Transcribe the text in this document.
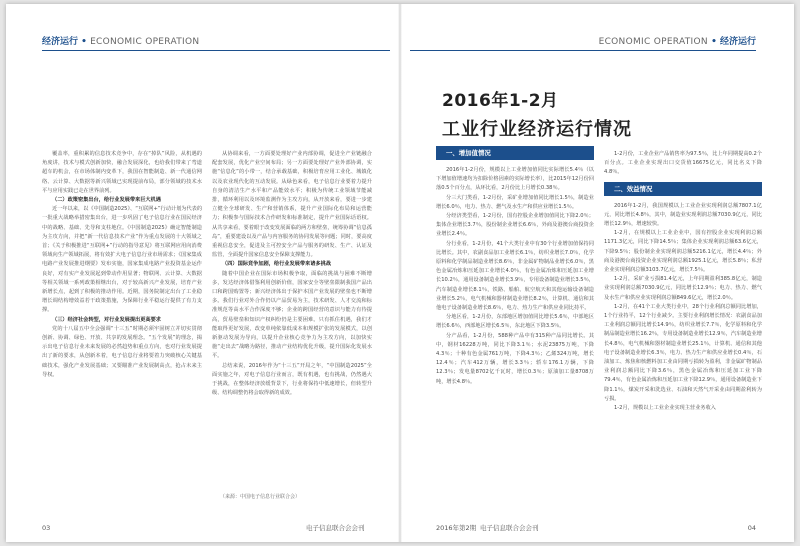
经济运行 • ECONOMIC OPERATION

覆盖率，重积累的信息技术竞争中，存在“掉队”风险，从机遇的角度讲，技术与模式创新加快，融合发展深化，也给我们带来了弯道超车的机会，在市场体制内变革下，我国在智能制造、新一代通信网络、云计算、大数据等新兴领域已实现提前布局，部分领域的技术水平与应用实践已走在世界前列。

（二）政策密集出台，给行业发展带来巨大机遇

近一年以来，以《中国制造2025》、“互联网+”行动计划为代表的一批重大战略举措密集出台，进一步巩固了电子信息行业在国民经济中的战略、基础、先导和支柱地位。《中国制造2025》确定智能制造为主攻方向，并把“新一代信息技术产业”作为重点发展的十大领域之首；《关于积极推进“互联网+”行动的指导意见》将互联网应用向消费领域向生产领域拓展，将有效扩大电子信息行业市场需求；《国家集成电路产业发展推进纲要》发布实施，国家集成电路产业投资基金运作良好，对有实产业发展起到带动作用显著；物联网、云计算、大数据等相关领域一系列政策相继出台，对于较高新兴产业发展，培育产业新增长点，起到了积极的推动作用。近期，国务院制定出台了工业稳增长调结构增效益若干政策措施，为保障行业平稳运行提供了有力支撑。

（三）经济社会转型，对行业发展提出更高要求

党的十八届五中全会强调“十三五”时期必须牢固树立并切实贯彻创新、协调、绿色、开放、共享的发展理念。“五个发展”的理念，揭示出电子信息行业未来发展的必然趋势和重点方向，也对行业发展提出了新的要求，从创新本着，电子信息行业将要着力突破核心关键基础技术，强化产业发展基础；又要瞄准产业发展制高点，抢占未来主导权。

从协调来看，一方面要处理好产业内部协调，促进全产业链融合配套发展，优化产业空间布局；另一方面要处理好产业外部协调，实施“信息化”的小带一，结合承载基础，积极培育应用工业化、城镇化以及农业现代化的互动发展。从绿色来看，电子信息行业要着力提升自身的清洁生产水平和产品能效水平；积极为传统工业领域节能减排，循环利用以及环境监测作为主攻方向，从开放来看，要进一步建立健全全球研发、生产和营销体系，提升产业国际化布局和运营能力；积极参与国际技术合作研发和标准制定，提升产业国际话语权。从共享来看，要着眼于改变发展面临的两方和壁垒，统筹协调“信息孤岛”，重要建设以及产品与内容服务的协同发展等问题；同时，要高度重视信息安全，促进及主可控安全产品与服务的研发、生产、认证及监管，全面提升国家信息安全保障支撑能力。

（四）国际竞争加剧，给行业发展带来诸多挑战

随着中国企业在国际市场积极争取，面临的挑战与困难不断增多，发达经济体借鉴利用创新价值，国家安全等壁垒限制我国产品出口和跨国购置等；新兴经济体出于保护本国产业发展的壁垒也不断增多。我们行业对外合作仍以产品贸易为主，技术研发、人才交流和标准规范等高水平合作深度不够；企业的跨国经营的意识与能力有待提高，贸易壁垒和知识产权纠纷仍是主要困难。只有抓住机遇，我们才能取得更好发展，改变单纯依靠低成本和规模扩张的发展模式，以创新驱动发展为导向，以提升企业核心竞争力为主攻方向，以加快实施“走出去”战略为路径，推动产业结构优化升级，提升国际化发展水平。

总结来说，2016年作为“十三五”开局之年，“中国制造2025”全面实施之年，对电子信息行业而言，既有机遇，也有挑战，仍然遇大于挑战，在整体经济放缓背景下，行业将保持中低速增长，但转型升级、结构调整仍将会取得新的成效。

（来源：中国电子信息行业联合会）
03	电子信息联合会会刊
ECONOMIC OPERATION • 经济运行
2016年1-2月
工业行业经济运行情况
一、增加值情况

2016年1-2月份，规模以上工业增加值同比实际增长5.4％（以下增加值增速均为扣除价格因素的实际增长率），比2015年12月份回落0.5个百分点，从环比看，2月份比上月增长0.38％。

分三大门类看，1-2月份，采矿业增加值同比增长1.5％，制造业增长6.0％，电力、热力、燃气及水生产和供应业增长1.5％。

分经济类型看，1-2月份，国有控股企业增加值同比下降2.0％；集体企业增长3.7％，股份制企业增长6.6％，外商及港澳台商投资企业增长2.4％。

分行业看，1-2月份，41个大类行业中有30个行业增加值保持同比增长。其中，农副食品加工业增长6.1％，纺织业增长7.0％，化学原料和化学制品制造业增长8.6％，非金属矿物制品业增长6.0％，黑色金属冶炼和压延加工业增长4.0％，有色金属冶炼和压延加工业增长10.2％，通用设备制造业增长3.9％，专用设备制造业增长3.5％，汽车制造业增长8.1％，铁路、船舶、航空航天和其他运输设备制造业增长5.2％，电气机械和器材制造业增长8.2％，计算机、通信和其他电子设备制造业增长8.6％，电力、热力生产和供应业同比持平。

分地区看，1-2月份，东部地区增加值同比增长5.6％，中部地区增长6.6％，西部地区增长6.5％，东北地区下降3.5％。

分产品看，1-2月份，588种产品中有315种产品同比增长。其中，钢材16228万吨，同比下降3.1％；水泥23875万吨，下降4.3％；十种有色金属761万吨，下降4.3％；乙烯324万吨，增长12.4％；汽车412万辆，增长3.3％；轿车176.1万辆，下降12.3％；发电量8702亿千瓦时，增长0.3％；原油加工量8708万吨，增长4.8％。

1-2月份，工业企业产品销售率为97.5％，比上年同期提高0.2个百分点。工业企业实现出口交货值16675亿元，同比名义下降4.8％。

二、效益情况

2016年1-2月，我国规模以上工业企业实现利润总额7807.1亿元，同比增长4.8％，其中，制造业实现利润总额7030.9亿元，同比增长12.9％，增速较快。

1-2月，在规模以上工业企业中，国有控股企业实现利润总额1171.3亿元，同比下降14.5％；集体企业实现利润总额63.6亿元，下降9.5％；股份制企业实现利润总额5216.1亿元，增长4.4％；外商及港澳台商投资企业实现利润总额1925.1亿元，增长5.8％；私营企业实现利润总额3103.7亿元，增长7.5％。

1-2月，采矿业亏损81.4亿元，上年同期盈利385.8亿元，制造业实现利润总额7030.9亿元，同比增长12.9％；电力、热力、燃气及水生产和供应业实现利润总额849.6亿元，增长2.0％。

1-2月，在41个工业大类行业中，28个行业利润总额同比增加，1个行业持平，12个行业减少。主要行业利润增长情况：农副食品加工业利润总额同比增长14.9％，纺织业增长7.7％，化学原料和化学制品制造业增长16.2％，专用设备制造业增长12.9％，汽车制造业增长4.8％，电气机械和器材制造业增长25.1％，计算机、通信和其他电子设备制造业增长6.3％，电力、热力生产和供应业增长0.4％，石油加工、炼焦和核燃料加工业由同期亏损转为盈利，非金属矿物制品业利润总额同比下降3.6％，黑色金属冶炼和压延加工业下降79.4％，有色金属冶炼和压延加工业下降12.9％，通用设备制造业下降1.1％，煤炭开采和洗选业、石油和天然气开采业由同期盈利转为亏损。

1-2月，规模以上工业企业实现主营业务收入

2016年第2期 电子信息联合会会刊	04
